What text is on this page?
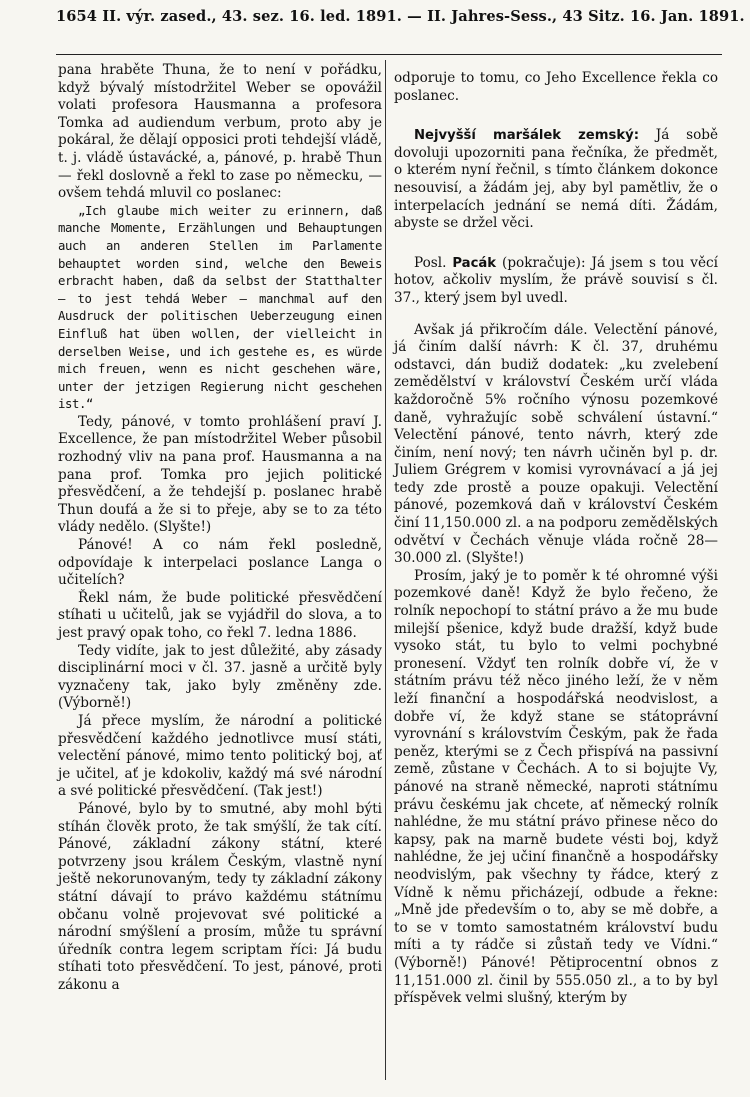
1654 II. výr. zased., 43. sez. 16. led. 1891. — II. Jahres-Sess., 43 Sitz. 16. Jan. 1891.

pana hraběte Thuna, že to není v pořádku, když bývalý místodržitel Weber se opovážil volati profesora Hausmanna a profesora Tomka ad audiendum verbum, proto aby je pokáral, že dělají opposici proti tehdejší vládě, t. j. vládě ústavácké, a, pánové, p. hrabě Thun — řekl doslovně a řekl to zase po německu, — ovšem tehdá mluvil co poslanec:

„Ich glaube mich weiter zu erinnern, daß manche Momente, Erzählungen und Behauptungen auch an anderen Stellen im Parlamente behauptet worden sind, welche den Beweis erbracht haben, daß da selbst der Statthalter — to jest tehdá Weber — manchmal auf den Ausdruck der politischen Ueberzeugung einen Einfluß hat üben wollen, der vielleicht in derselben Weise, und ich gestehe es, es würde mich freuen, wenn es nicht geschehen wäre, unter der jetzigen Regierung nicht geschehen ist.“

Tedy, pánové, v tomto prohlášení praví J. Excellence, že pan místodržitel Weber působil rozhodný vliv na pana prof. Hausmanna a na pana prof. Tomka pro jejich politické přesvědčení, a že tehdejší p. poslanec hrabě Thun doufá a že si to přeje, aby se to za této vlády nedělo. (Slyšte!)

Pánové! A co nám řekl posledně, odpovídaje k interpelaci poslance Langa o učitelích?

Řekl nám, že bude politické přesvědčení stíhati u učitelů, jak se vyjádřil do slova, a to jest pravý opak toho, co řekl 7. ledna 1886.

Tedy vidíte, jak to jest důležité, aby zásady disciplinární moci v čl. 37. jasně a určitě byly vyznačeny tak, jako byly změněny zde. (Výborně!)

Já přece myslím, že národní a politické přesvědčení každého jednotlivce musí státi, velectění pánové, mimo tento politický boj, ať je učitel, ať je kdokoliv, každý má své národní a své politické přesvědčení. (Tak jest!)

Pánové, bylo by to smutné, aby mohl býti stíhán člověk proto, že tak smýšlí, že tak cítí. Pánové, základní zákony státní, které potvrzeny jsou králem Českým, vlastně nyní ještě nekorunovaným, tedy ty základní zákony státní dávají to právo každému státnímu občanu volně projevovat své politické a národní smýšlení a prosím, může tu správní úředník contra legem scriptam říci: Já budu stíhati toto přesvědčení. To jest, pánové, proti zákonu a

odporuje to tomu, co Jeho Excellence řekla co poslanec.

Nejvyšší maršálek zemský: Já sobě dovoluji upozorniti pana řečníka, že předmět, o kterém nyní řečnil, s tímto článkem dokonce nesouvisí, a žádám jej, aby byl pamětliv, že o interpelacích jednání se nemá díti. Žádám, abyste se držel věci.

Posl. Pacák (pokračuje): Já jsem s tou věcí hotov, ačkoliv myslím, že právě souvisí s čl. 37., který jsem byl uvedl.

Avšak já přikročím dále. Velectění pánové, já činím další návrh: K čl. 37, druhému odstavci, dán budiž dodatek: „ku zvelebení zemědělství v království Českém určí vláda každoročně 5% ročního výnosu pozemkové daně, vyhražujíc sobě schválení ústavní.“ Velectění pánové, tento návrh, který zde činím, není nový; ten návrh učiněn byl p. dr. Juliem Grégrem v komisi vyrovnávací a já jej tedy zde prostě a pouze opakuji. Velectění pánové, pozemková daň v království Českém činí 11,150.000 zl. a na podporu zemědělských odvětví v Čechách věnuje vláda ročně 28—30.000 zl. (Slyšte!)

Prosím, jaký je to poměr k té ohromné výši pozemkové daně! Když že bylo řečeno, že rolník nepochopí to státní právo a že mu bude milejší pšenice, když bude dražší, když bude vysoko stát, tu bylo to velmi pochybné pronesení. Vždyť ten rolník dobře ví, že v státním právu též něco jiného leží, že v něm leží finanční a hospodářská neodvislost, a dobře ví, že když stane se státoprávní vyrovnání s královstvím Českým, pak že řada peněz, kterými se z Čech přispívá na passivní země, zůstane v Čechách. A to si bojujte Vy, pánové na straně německé, naproti státnímu právu českému jak chcete, ať německý rolník nahlédne, že mu státní právo přinese něco do kapsy, pak na marně budete vésti boj, když nahlédne, že jej učiní finančně a hospodářsky neodvislým, pak všechny ty řádce, který z Vídně k němu přicházejí, odbude a řekne: „Mně jde především o to, aby se mě dobře, a to se v tomto samostatném království budu míti a ty rádče si zůstaň tedy ve Vídni.“ (Výborně!) Pánové! Pětiprocentní obnos z 11,151.000 zl. činil by 555.050 zl., a to by byl příspěvek velmi slušný, kterým by
